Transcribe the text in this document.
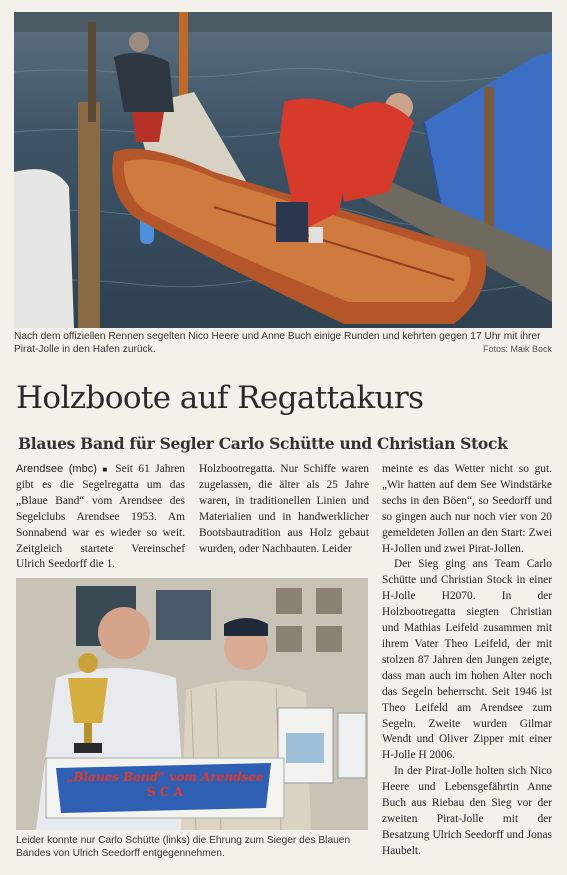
Nach dem offiziellen Rennen segelten Nico Heere und Anne Buch einige Runden und kehrten gegen 17 Uhr mit ihrer Pirat-Jolle in den Hafen zurück.	Fotos: Maik Bock
Holzboote auf Regattakurs
Blaues Band für Segler Carlo Schütte und Christian Stock

Arendsee (mbc) ■ Seit 61 Jahren gibt es die Segelregatta um das „Blaue Band“ vom Arendsee des Segelclubs Arendsee 1953. Am Sonnabend war es wieder so weit. Zeitgleich startete Vereinschef Ulrich Seedorff die 1.

Holzbootregatta. Nur Schiffe waren zugelassen, die älter als 25 Jahre waren, in traditionellen Linien und Materialien und in handwerklicher Bootsbautradition aus Holz gebaut wurden, oder Nachbauten. Leider

meinte es das Wetter nicht so gut. „Wir hatten auf dem See Windstärke sechs in den Böen“, so Seedorff und so gingen auch nur noch vier von 20 gemeldeten Jollen an den Start: Zwei H-Jollen und zwei Pirat-Jollen.

Der Sieg ging ans Team Carlo Schütte und Christian Stock in einer H-Jolle H2070. In der Holzbootregatta siegten Christian und Mathias Leifeld zusammen mit ihrem Vater Theo Leifeld, der mit stolzen 87 Jahren den Jungen zeigte, dass man auch im hohen Alter noch das Segeln beherrscht. Seit 1946 ist Theo Leifeld am Arendsee zum Segeln. Zweite wurden Gilmar Wendt und Oliver Zipper mit einer H-Jolle H 2006.

In der Pirat-Jolle holten sich Nico Heere und Lebensgefährtin Anne Buch aus Riebau den Sieg vor der zweiten Pirat-Jolle mit der Besatzung Ulrich Seedorff und Jonas Haubelt.

„Blaues Band“ vom Arendsee
S C A
Leider konnte nur Carlo Schütte (links) die Ehrung zum Sieger des Blauen Bandes von Ulrich Seedorff entgegennehmen.
